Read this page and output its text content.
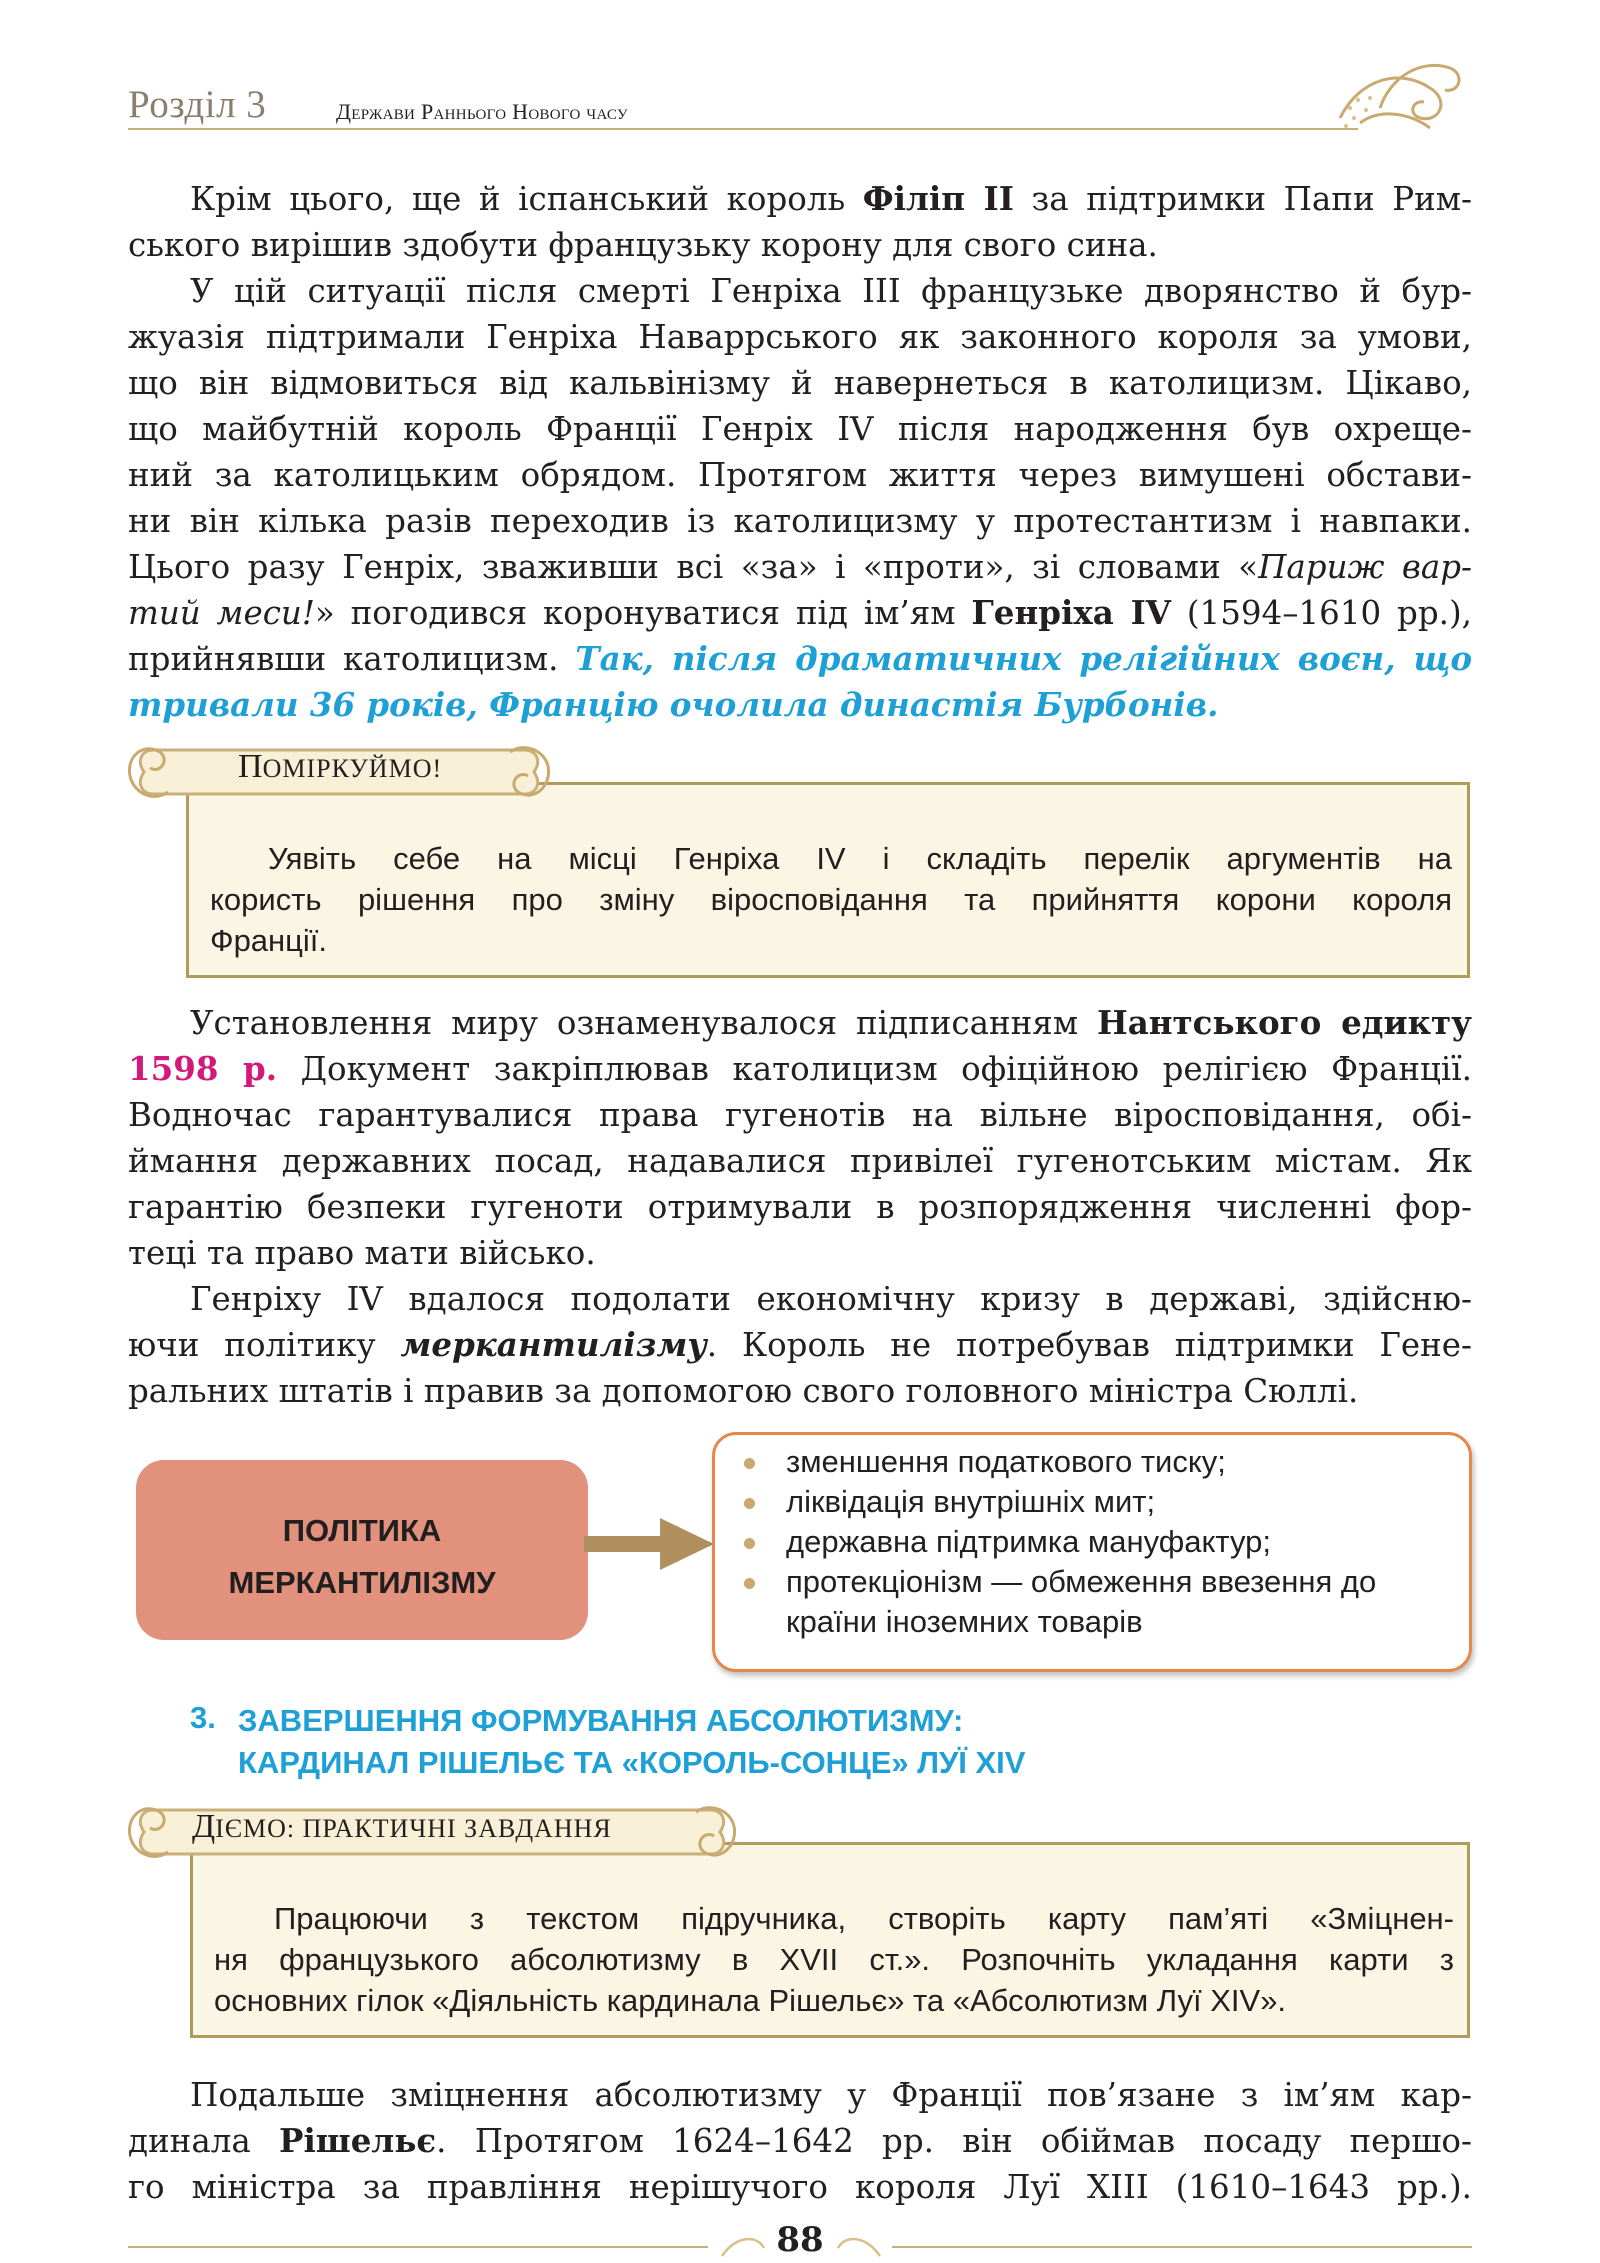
Розділ 3	Держави Раннього Нового часу
Крім цього, ще й іспанський король Філіп ІІ за підтримки Папи Рим-
ського вирішив здобути французьку корону для свого сина.
У цій ситуації після смерті Генріха ІІІ французьке дворянство й бур-
жуазія підтримали Генріха Наваррського як законного короля за умови,
що він відмовиться від кальвінізму й навернеться в католицизм. Цікаво,
що майбутній король Франції Генріх IV після народження був охреще-
ний за католицьким обрядом. Протягом життя через вимушені обстави-
ни він кілька разів переходив із католицизму у протестантизм і навпаки.
Цього разу Генріх, зваживши всі «за» і «проти», зі словами «Париж вар-
тий меси!» погодився коронуватися під ім’ям Генріха IV (1594–1610 рр.),
прийнявши католицизм. Так, після драматичних релігійних воєн, що
тривали 36 років, Францію очолила династія Бурбонів.
ПОМІРКУЙМО!
Уявіть себе на місці Генріха IV і складіть перелік аргументів на
користь рішення про зміну віросповідання та прийняття корони короля
Франції.
Установлення миру ознаменувалося підписанням Нантського едикту
1598 р. Документ закріплював католицизм офіційною релігією Франції.
Водночас гарантувалися права гугенотів на вільне віросповідання, обі-
ймання державних посад, надавалися привілеї гугенотським містам. Як
гарантію безпеки гугеноти отримували в розпорядження численні фор-
теці та право мати військо.
Генріху IV вдалося подолати економічну кризу в державі, здійсню-
ючи політику меркантилізму. Король не потребував підтримки Гене-
ральних штатів і правив за допомогою свого головного міністра Сюллі.
ПОЛІТИКА
МЕРКАНТИЛІЗМУ
зменшення податкового тиску;
ліквідація внутрішніх мит;
державна підтримка мануфактур;
протекціонізм — обмеження ввезення до
країни іноземних товарів
3. ЗАВЕРШЕННЯ ФОРМУВАННЯ АБСОЛЮТИЗМУ:
КАРДИНАЛ РІШЕЛЬЄ ТА «КОРОЛЬ-СОНЦЕ» ЛУЇ XIV
ДІЄМО: ПРАКТИЧНІ ЗАВДАННЯ
Працюючи з текстом підручника, створіть карту пам’яті «Зміцнен-
ня французького абсолютизму в XVII ст.». Розпочніть укладання карти з
основних гілок «Діяльність кардинала Рішельє» та «Абсолютизм Луї XIV».
Подальше зміцнення абсолютизму у Франції пов’язане з ім’ям кар-
динала Рішельє. Протягом 1624–1642 рр. він обіймав посаду першо-
го міністра за правління нерішучого короля Луї ХІІІ (1610–1643 рр.).
88
